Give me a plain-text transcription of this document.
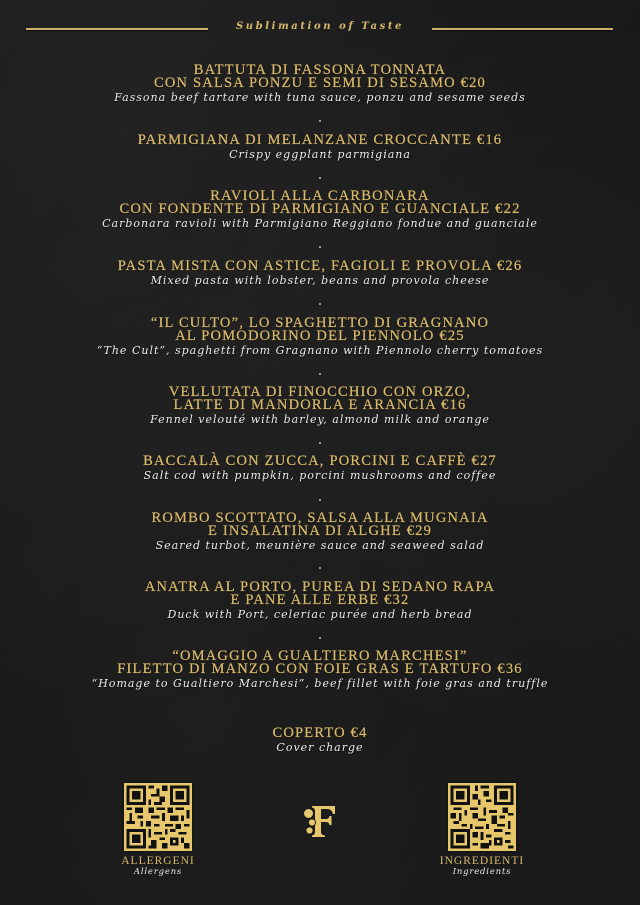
Sublimation of Taste
BATTUTA DI FASSONA TONNATA
CON SALSA PONZU E SEMI DI SESAMO €20
Fassona beef tartare with tuna sauce, ponzu and sesame seeds
PARMIGIANA DI MELANZANE CROCCANTE €16
Crispy eggplant parmigiana
RAVIOLI ALLA CARBONARA
CON FONDENTE DI PARMIGIANO E GUANCIALE €22
Carbonara ravioli with Parmigiano Reggiano fondue and guanciale
PASTA MISTA CON ASTICE, FAGIOLI E PROVOLA €26
Mixed pasta with lobster, beans and provola cheese
“IL CULTO”, LO SPAGHETTO DI GRAGNANO
AL POMODORINO DEL PIENNOLO €25
“The Cult”, spaghetti from Gragnano with Piennolo cherry tomatoes
VELLUTATA DI FINOCCHIO CON ORZO,
LATTE DI MANDORLA E ARANCIA €16
Fennel velouté with barley, almond milk and orange
BACCALÀ CON ZUCCA, PORCINI E CAFFÈ €27
Salt cod with pumpkin, porcini mushrooms and coffee
ROMBO SCOTTATO, SALSA ALLA MUGNAIA
E INSALATINA DI ALGHE €29
Seared turbot, meunière sauce and seaweed salad
ANATRA AL PORTO, PUREA DI SEDANO RAPA
E PANE ALLE ERBE €32
Duck with Port, celeriac purée and herb bread
“OMAGGIO A GUALTIERO MARCHESI”
FILETTO DI MANZO CON FOIE GRAS E TARTUFO €36
“Homage to Gualtiero Marchesi”, beef fillet with foie gras and truffle
COPERTO €4
Cover charge
ALLERGENI
Allergens
INGREDIENTI
Ingredients
